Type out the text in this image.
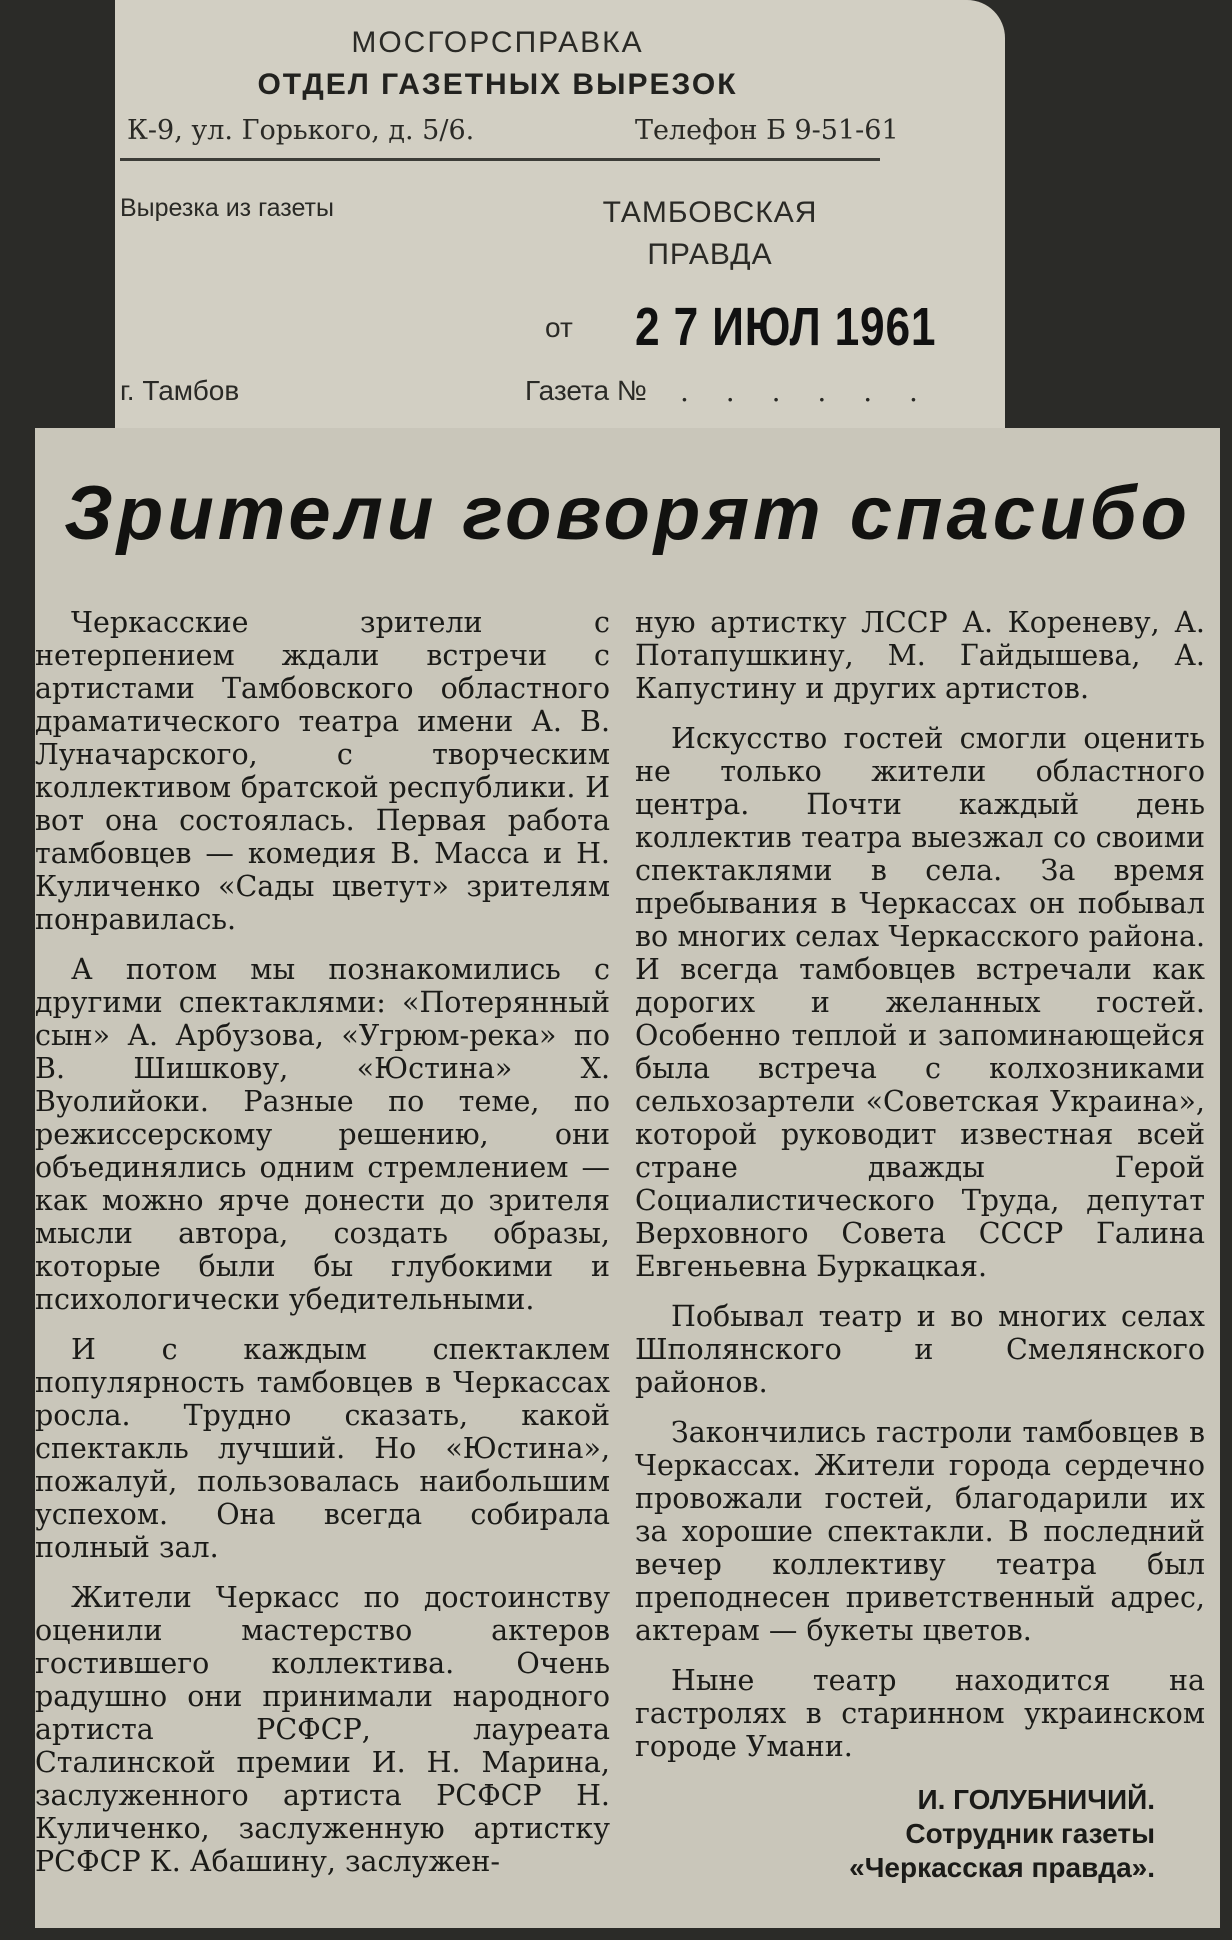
МОСГОРСПРАВКА
ОТДЕЛ ГАЗЕТНЫХ ВЫРЕЗОК
К-9, ул. Горького, д. 5/6.	Телефон Б 9-51-61
Вырезка из газеты	ТАМБОВСКАЯ
ПРАВДА
от 2 7 ИЮЛ 1961
г. Тамбов	Газета № . . . . . .
Зрители говорят спасибо

Черкасские зрители с нетерпением ждали встречи с артистами Тамбовского областного драматического театра имени А. В. Луначарского, с творческим коллективом братской республики. И вот она состоялась. Первая работа тамбовцев — комедия В. Масса и Н. Куличенко «Сады цветут» зрителям понравилась.

А потом мы познакомились с другими спектаклями: «Потерянный сын» А. Арбузова, «Угрюм-река» по В. Шишкову, «Юстина» Х. Вуолийоки. Разные по теме, по режиссерскому решению, они объединялись одним стремлением — как можно ярче донести до зрителя мысли автора, создать образы, которые были бы глубокими и психологически убедительными.

И с каждым спектаклем популярность тамбовцев в Черкассах росла. Трудно сказать, какой спектакль лучший. Но «Юстина», пожалуй, пользовалась наибольшим успехом. Она всегда собирала полный зал.

Жители Черкасс по достоинству оценили мастерство актеров гостившего коллектива. Очень радушно они принимали народного артиста РСФСР, лауреата Сталинской премии И. Н. Марина, заслуженного артиста РСФСР Н. Куличенко, заслуженную артистку РСФСР К. Абашину, заслужен-

ную артистку ЛССР А. Кореневу, А. Потапушкину, М. Гайдышева, А. Капустину и других артистов.

Искусство гостей смогли оценить не только жители областного центра. Почти каждый день коллектив театра выезжал со своими спектаклями в села. За время пребывания в Черкассах он побывал во многих селах Черкасского района. И всегда тамбовцев встречали как дорогих и желанных гостей. Особенно теплой и запоминающейся была встреча с колхозниками сельхозартели «Советская Украина», которой руководит известная всей стране дважды Герой Социалистического Труда, депутат Верховного Совета СССР Галина Евгеньевна Буркацкая.

Побывал театр и во многих селах Шполянского и Смелянского районов.

Закончились гастроли тамбовцев в Черкассах. Жители города сердечно провожали гостей, благодарили их за хорошие спектакли. В последний вечер коллективу театра был преподнесен приветственный адрес, актерам — букеты цветов.

Ныне театр находится на гастролях в старинном украинском городе Умани.

И. ГОЛУБНИЧИЙ.
Сотрудник газеты
«Черкасская правда».
